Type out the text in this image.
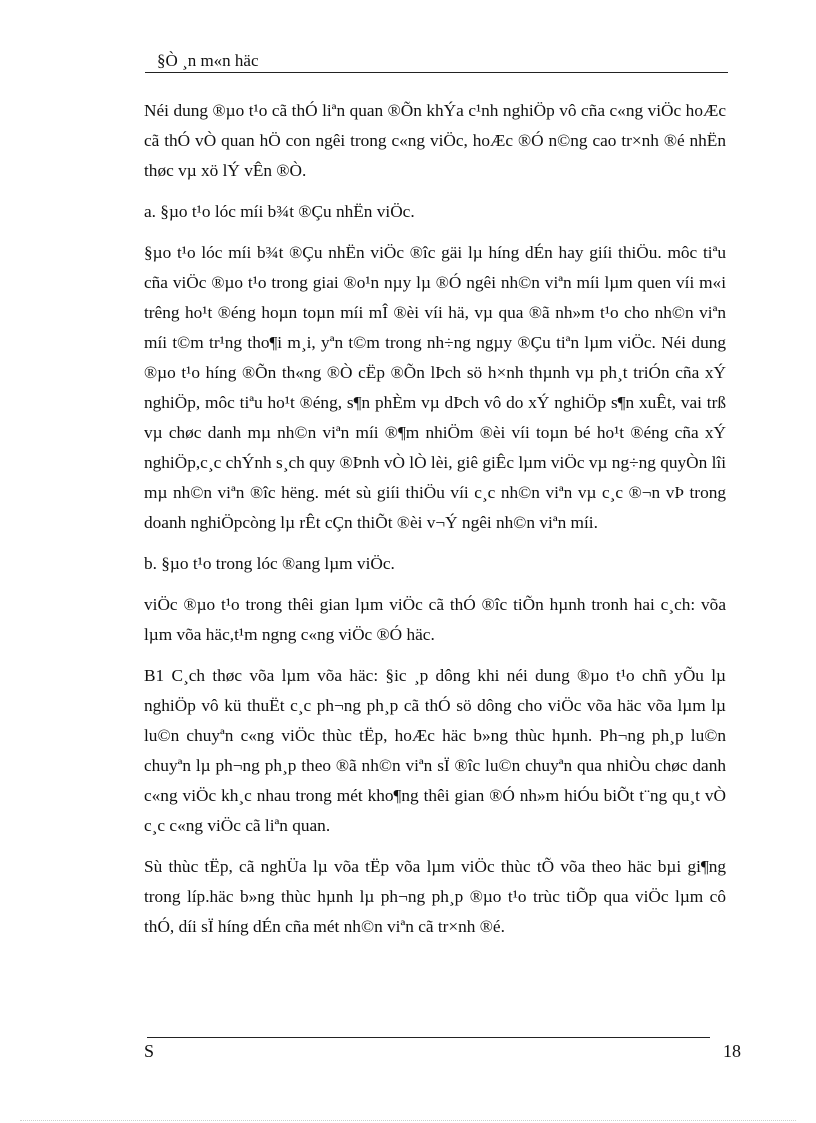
§Ò ¸n m«n häc

Néi dung ®µo t¹o cã thÓ liªn quan ®Õn khÝa c¹nh nghiÖp vô cña c«ng viÖc hoÆc cã thÓ vÒ quan hÖ con ngêi trong c«ng viÖc, hoÆc ®Ó n©ng cao tr×nh ®é nhËn thøc vµ xö lÝ vÊn ®Ò.

a. §µo t¹o lóc míi b¾t ®Çu nhËn viÖc.

§µo t¹o lóc míi b¾t ®Çu nhËn viÖc ®îc gäi lµ híng dÉn hay giíi thiÖu. môc tiªu cña viÖc ®µo t¹o trong giai ®o¹n nµy lµ ®Ó ngêi nh©n viªn míi lµm quen víi m«i trêng ho¹t ®éng hoµn toµn míi mÎ ®èi víi hä, vµ qua ®ã nh»m t¹o cho nh©n viªn míi t©m tr¹ng tho¶i m¸i, yªn t©m trong nh÷ng ngµy ®Çu tiªn lµm viÖc. Néi dung ®µo t¹o híng ®Õn th«ng ®Ò cËp ®Õn lÞch sö h×nh thµnh vµ ph¸t triÓn cña xÝ nghiÖp, môc tiªu ho¹t ®éng, s¶n phÈm vµ dÞch vô do xÝ nghiÖp s¶n xuÊt, vai trß vµ chøc danh mµ nh©n viªn míi ®¶m nhiÖm ®èi víi toµn bé ho¹t ®éng cña xÝ nghiÖp,c¸c chÝnh s¸ch quy ®Þnh vÒ lÒ lèi, giê giÊc lµm viÖc vµ ng÷ng quyÒn lîi mµ nh©n viªn ®îc hëng. mét sù giíi thiÖu víi c¸c nh©n viªn vµ c¸c ®¬n vÞ trong doanh nghiÖpcòng lµ rÊt cÇn thiÕt ®èi v¬Ý ngêi nh©n viªn míi.

b. §µo t¹o trong lóc ®ang lµm viÖc.

viÖc ®µo t¹o trong thêi gian lµm viÖc cã thÓ ®îc tiÕn hµnh tronh hai c¸ch: võa lµm võa häc,t¹m ngng c«ng viÖc ®Ó häc.

B1 C¸ch thøc võa lµm võa häc: §ic ¸p dông khi néi dung ®µo t¹o chñ yÕu lµ nghiÖp vô kü thuËt c¸c ph¬ng ph¸p cã thÓ sö dông cho viÖc võa häc võa lµm lµ lu©n chuyªn c«ng viÖc thùc tËp, hoÆc häc b»ng thùc hµnh. Ph¬ng ph¸p lu©n chuyªn lµ ph¬ng ph¸p theo ®ã nh©n viªn sÏ ®îc lu©n chuyªn qua nhiÒu chøc danh c«ng viÖc kh¸c nhau trong mét kho¶ng thêi gian ®Ó nh»m hiÓu biÕt t¨ng qu¸t vÒ c¸c c«ng viÖc cã liªn quan.

Sù thùc tËp, cã nghÜa lµ võa tËp võa lµm viÖc thùc tÕ võa theo häc bµi gi¶ng trong líp.häc b»ng thùc hµnh lµ ph¬ng ph¸p ®µo t¹o trùc tiÕp qua viÖc lµm cô thÓ, díi sÏ híng dÉn cña mét nh©n viªn cã tr×nh ®é.

S	18
